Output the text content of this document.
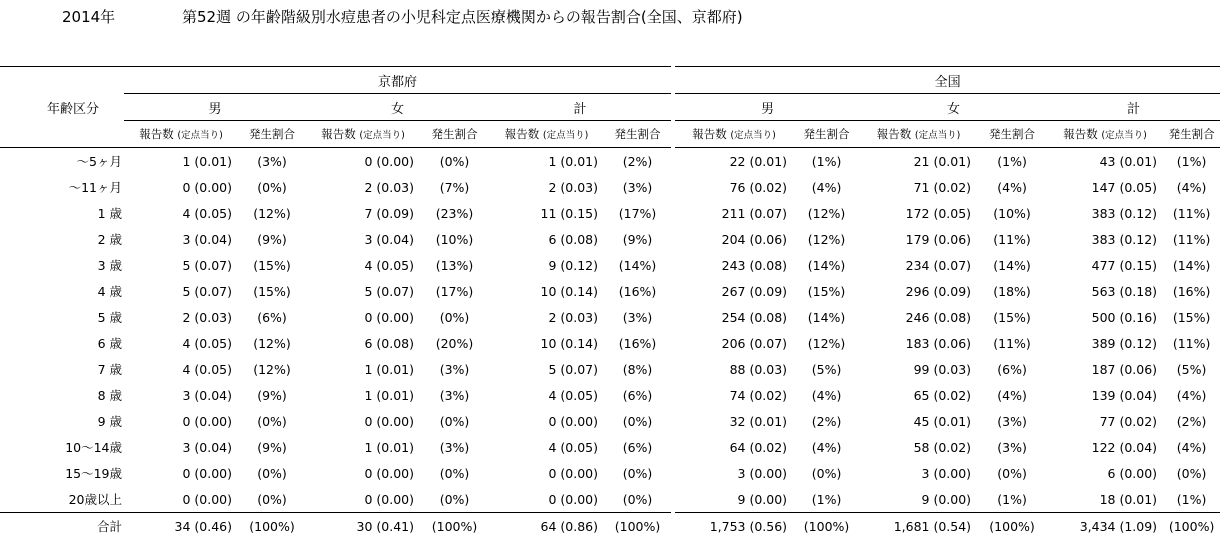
2014年	第52週 の年齢階級別水痘患者の小児科定点医療機関からの報告割合(全国、京都府)
年齢区分	京都府						全国					
	男		女		計		男		女		計	
	報告数 (定点当り)	発生割合	報告数 (定点当り)	発生割合	報告数 (定点当り)	発生割合	報告数 (定点当り)	発生割合	報告数 (定点当り)	発生割合	報告数 (定点当り)	発生割合
～5ヶ月	1 (0.01)	(3%)	0 (0.00)	(0%)	1 (0.01)	(2%)	22 (0.01)	(1%)	21 (0.01)	(1%)	43 (0.01)	(1%)
～11ヶ月	0 (0.00)	(0%)	2 (0.03)	(7%)	2 (0.03)	(3%)	76 (0.02)	(4%)	71 (0.02)	(4%)	147 (0.05)	(4%)
1 歳	4 (0.05)	(12%)	7 (0.09)	(23%)	11 (0.15)	(17%)	211 (0.07)	(12%)	172 (0.05)	(10%)	383 (0.12)	(11%)
2 歳	3 (0.04)	(9%)	3 (0.04)	(10%)	6 (0.08)	(9%)	204 (0.06)	(12%)	179 (0.06)	(11%)	383 (0.12)	(11%)
3 歳	5 (0.07)	(15%)	4 (0.05)	(13%)	9 (0.12)	(14%)	243 (0.08)	(14%)	234 (0.07)	(14%)	477 (0.15)	(14%)
4 歳	5 (0.07)	(15%)	5 (0.07)	(17%)	10 (0.14)	(16%)	267 (0.09)	(15%)	296 (0.09)	(18%)	563 (0.18)	(16%)
5 歳	2 (0.03)	(6%)	0 (0.00)	(0%)	2 (0.03)	(3%)	254 (0.08)	(14%)	246 (0.08)	(15%)	500 (0.16)	(15%)
6 歳	4 (0.05)	(12%)	6 (0.08)	(20%)	10 (0.14)	(16%)	206 (0.07)	(12%)	183 (0.06)	(11%)	389 (0.12)	(11%)
7 歳	4 (0.05)	(12%)	1 (0.01)	(3%)	5 (0.07)	(8%)	88 (0.03)	(5%)	99 (0.03)	(6%)	187 (0.06)	(5%)
8 歳	3 (0.04)	(9%)	1 (0.01)	(3%)	4 (0.05)	(6%)	74 (0.02)	(4%)	65 (0.02)	(4%)	139 (0.04)	(4%)
9 歳	0 (0.00)	(0%)	0 (0.00)	(0%)	0 (0.00)	(0%)	32 (0.01)	(2%)	45 (0.01)	(3%)	77 (0.02)	(2%)
10～14歳	3 (0.04)	(9%)	1 (0.01)	(3%)	4 (0.05)	(6%)	64 (0.02)	(4%)	58 (0.02)	(3%)	122 (0.04)	(4%)
15～19歳	0 (0.00)	(0%)	0 (0.00)	(0%)	0 (0.00)	(0%)	3 (0.00)	(0%)	3 (0.00)	(0%)	6 (0.00)	(0%)
20歳以上	0 (0.00)	(0%)	0 (0.00)	(0%)	0 (0.00)	(0%)	9 (0.00)	(1%)	9 (0.00)	(1%)	18 (0.01)	(1%)
合計	34 (0.46)	(100%)	30 (0.41)	(100%)	64 (0.86)	(100%)	1,753 (0.56)	(100%)	1,681 (0.54)	(100%)	3,434 (1.09)	(100%)
